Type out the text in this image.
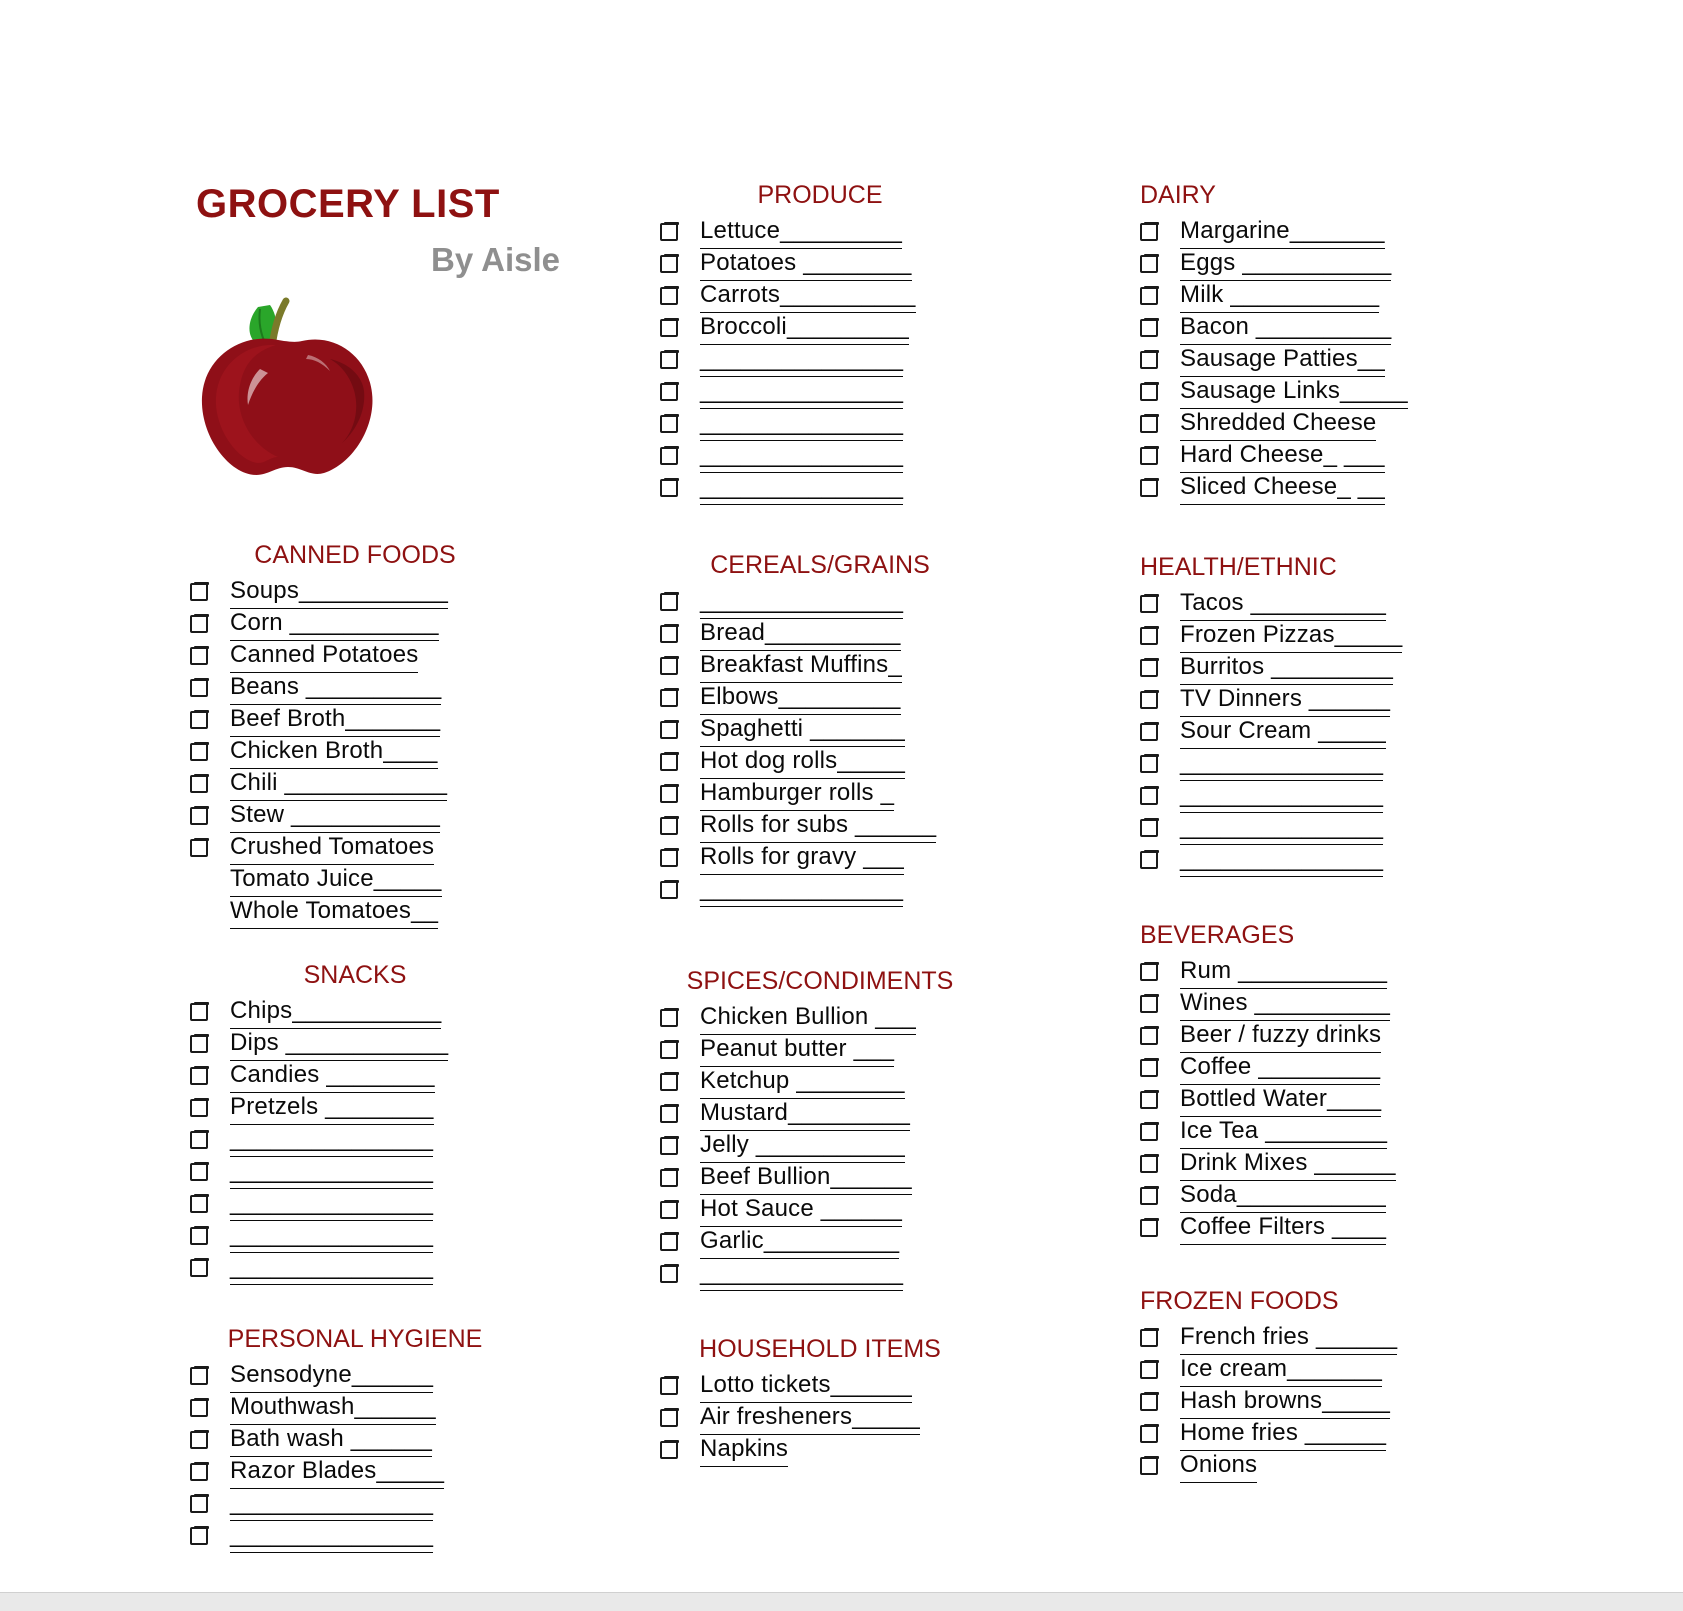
GROCERY LIST
By Aisle
CANNED FOODS
Soups___________
Corn ___________
Canned Potatoes
Beans __________
Beef Broth_______
Chicken Broth____
Chili ____________
Stew ___________
Crushed Tomatoes
Tomato Juice_____
Whole Tomatoes__
SNACKS
Chips___________
Dips ____________
Candies ________
Pretzels ________
_______________
_______________
_______________
_______________
_______________
PERSONAL HYGIENE
Sensodyne______
Mouthwash______
Bath wash ______
Razor Blades_____
_______________
_______________
PRODUCE
Lettuce_________
Potatoes ________
Carrots__________
Broccoli_________
_______________
_______________
_______________
_______________
_______________
CEREALS/GRAINS
_______________
Bread__________
Breakfast Muffins_
Elbows_________
Spaghetti _______
Hot dog rolls_____
Hamburger rolls _
Rolls for subs ______
Rolls for gravy ___
_______________
SPICES/CONDIMENTS
Chicken Bullion ___
Peanut butter ___
Ketchup ________
Mustard_________
Jelly ___________
Beef Bullion______
Hot Sauce ______
Garlic__________
_______________
HOUSEHOLD ITEMS
Lotto tickets______
Air fresheners_____
Napkins
DAIRY
Margarine_______
Eggs ___________
Milk ___________
Bacon __________
Sausage Patties__
Sausage Links_____
Shredded Cheese
Hard Cheese_ ___
Sliced Cheese_ __
HEALTH/ETHNIC
Tacos __________
Frozen Pizzas_____
Burritos _________
TV Dinners ______
Sour Cream _____
_______________
_______________
_______________
_______________
BEVERAGES
Rum ___________
Wines __________
Beer / fuzzy drinks
Coffee _________
Bottled Water____
Ice Tea _________
Drink Mixes ______
Soda___________
Coffee Filters ____
FROZEN FOODS
French fries ______
Ice cream_______
Hash browns_____
Home fries ______
Onions
